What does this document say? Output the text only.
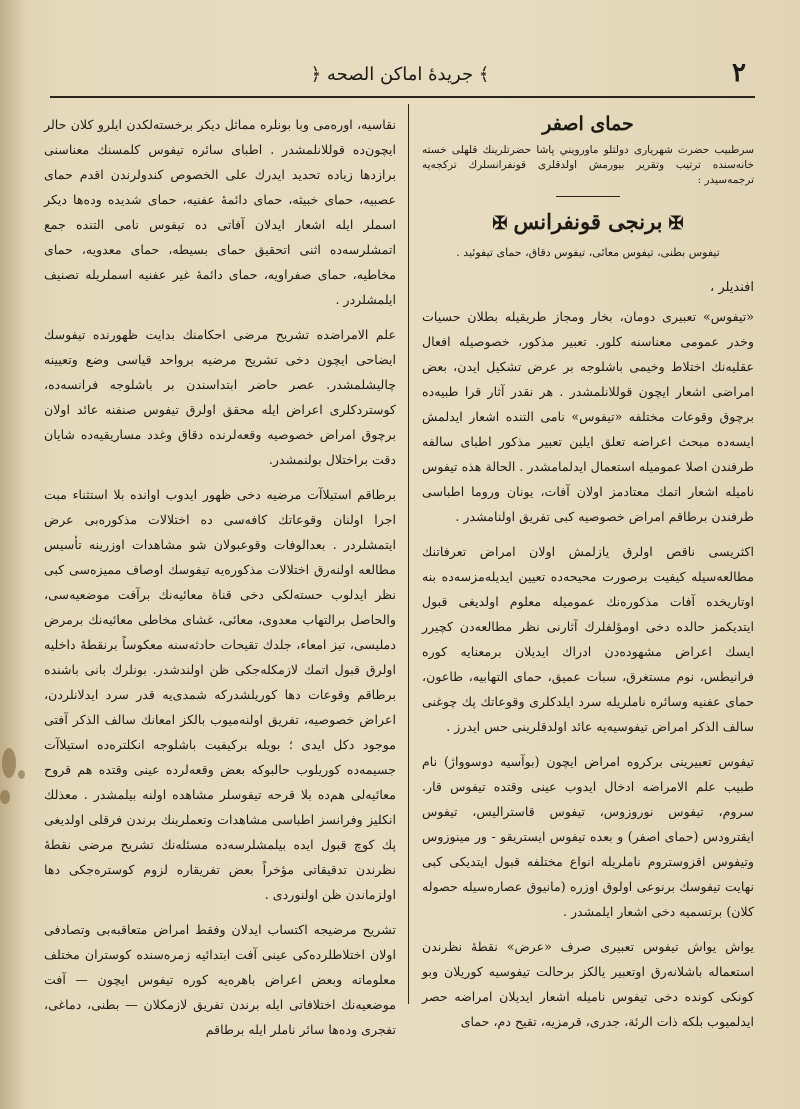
﴿ جريدهٔ اماكن الصحه ﴾	٢
حمای اصفر
سرطبيب حضرت شهرياری دولتلو ماورويني پاشا حضرتلرينك قلهلی خسته خانه‌سنده ترتيب وتقرير بيورمش اولدقلری قونفرانسلرك تركجه‌يه ترجمه‌سيدر :
✠برنجی قونفرانس✠
تيفوس بطنی، تيفوس معائی، تيفوس دقاق، حمای تيفوئيد .
افنديلر ،

«تيفوس» تعبيری دومان، بخار ومجاز طريقيله بطلان حسيات وخدر عمومی معناسنه كلور. تعبير مذكور، خصوصيله افعال عقليه‌نك اختلاط وخيمی باشلوجه بر عرض تشكيل ايدن، بعض امراضی اشعار ايچون قوللانلمشدر . هر نقدر آثار قرا طبيه‌ده برچوق وقوعات مختلفه «تيفوس» نامی التنده اشعار ايدلمش ايسه‌ده مبحث اعراضه تعلق ايلين تعبير مذكور اطبای سالفه طرفندن اصلا عموميله استعمال ايدلمامشدر . الحالة هذه تيفوس ناميله اشعار اتمك معتادمز اولان آفات، يونان وروما اطباسی طرفندن برطاقم امراض خصوصيه كبی تفريق اولنامشدر .

اكثريسی ناقص اولرق يازلمش اولان امراض تعرفاتنك مطالعه‌سيله كيفيت برصورت محيحه‌ده تعيين ايديله‌مزسه‌ده بنه اوتاريخده آفات مذكوره‌نك عموميله معلوم اولديغی قبول ايتديكمز حالده دخی اومؤلفلرك آثارنی نظر مطالعه‌دن كچيرر ايسك اعراض مشهوده‌دن ادراك ايديلان برمعنايه كوره فرانيطس، نوم مستغرق، سبات عميق، حمای التهابيه، طاعون، حمای عفنيه وسائره ناملريله سرد ايلدكلری وقوعاتك پك چوغنی سالف الذكر امراض تيفوسيه‌يه عائد اولدقلرينی حس ايدرز .

تيفوس تعبيرينی بركروه امراض ايچون (بوآسيه دوسوواژ) نام طبيب علم الامراضه ادخال ايدوب عينی وقتده تيفوس قار. سروم، تيفوس نوروزوس، تيفوس قاستراليس، تيفوس ايقترودس (حمای اصفر) و بعده تيفوس ايستريقو - ور مينوزوس وتيفوس اقزوستروم ناملريله انواع مختلفه قبول ايتديكی كبی نهايت تيفوسك برنوعی اولوق اوزره (مانيوق عصاره‌سيله حصوله كلان) برتسميه دخی اشعار ايلمشدر .

يواش يواش تيفوس تعبيری صرف «عرض» نقطهٔ نظرندن استعماله باشلانه‌رق اوتعبير يالكز برحالت تيفوسيه كوريلان وبو كونكی كونده دخی تيفوس ناميله اشعار ايديلان امراضه حصر ايدلميوب بلكه ذات الرئة، جدری، قرمزيه، تقيح دم، حمای

نقاسيه، اوره‌می وبا بونلره مماثل ديكر برخسته‌لكدن ايلرو كلان حالر ايچون‌ده قوللانلمشدر . اطبای سائره تيفوس كلمسنك معناسنی برازدها زياده تحديد ايدرك علی الخصوص كندولرندن اقدم حمای عصبيه، حمای خبيثه، حمای دائمهٔ عفنيه، حمای شديده وده‌ها ديكر اسملر ايله اشعار ايدلان آفاتی ده تيفوس نامی التنده جمع اتمشلرسه‌ده اثنی اتحقيق حمای بسيطه، حمای معدويه، حمای مخاطيه، حمای صفراويه، حمای دائمهٔ غير عفنيه اسملريله تصنيف ايلمشلردر .

علم الامراضده تشريح مرضی احكامنك بدايت ظهورنده تيفوسك ايضاحی ايچون دخی تشريح مرضيه برواحد قياسی وضع وتعيينه چاليشلمشدر. عصر حاضر ابتداسندن بر باشلوجه فرانسه‌ده، كوستردكلری اعراض ايله محقق اولرق تيفوس صنفنه عائد اولان برچوق امراض خصوصيه وقعه‌لرنده دقاق وغدد مساريقيه‌ده شايان دقت براختلال بولنمشدر.

برطاقم استيلاآت مرضيه دخی ظهور ايدوب اوانده بلا استثناء مبت اجرا اولنان وقوعاتك كافه‌سی ده اختلالات مذكوره‌بی عرض ايتمشلردر . بعدالوفات وقوعبولان شو مشاهدات اوزرينه تأسيس مطالعه اولنه‌رق اختلالات مذكوره‌يه تيفوسك اوصاف مميزه‌سی كبی نظر ايدلوب حسته‌لكی دخی قناة معائيه‌نك برآفت موضعيه‌سی، والحاصل برالتهاب معدوی، معائی، غشای مخاطی معائيه‌نك برمرض دمليسی، تيز امعاء، جلدك تقيحات حادثه‌سنه معكوساً برنقطهٔ داخليه اولرق قبول اتمك لازمكله‌جكی ظن اولندشدر. بونلرك بانی باشنده برطاقم وقوعات دها كوريلشدركه شمدی‌يه قدر سرد ايدلانلردن، اعراض خصوصيه، تفريق اولنه‌ميوب بالكز امعانك سالف الذكر آفتی موجود دكل ايدی ؛ بويله بركيفيت باشلوجه انكلتره‌ده استيلاآت جسيمه‌ده كوريلوب حالبوكه بعض وقعه‌لرده عينی وقتده هم قروح معائيه‌لی هم‌ده بلا قرحه تيفوسلر مشاهده اولنه بيلمشدر . معذلك انكليز وفرانسز اطباسی مشاهدات وتعملرينك برندن فرقلی اولديغی پك كوچ قبول ايده بيلمشلرسه‌ده مسئله‌نك تشريح مرضی نقطهٔ نظرندن تدقيقاتی مؤخراً بعض تفريقاره لزوم كوستره‌جكی دها اولزماندن ظن اولنوردی .

تشريح مرضيجه اكتساب ايدلان وفقط امراض متعاقبه‌بی وتصادفی اولان اختلاطلرده‌كی عينی آفت ابتدائيه زمره‌سنده كوستران مختلف معلوماته وبعض اعراض باهره‌يه كوره تيفوس ايچون — آفت موضعيه‌نك اختلافاتی ايله برندن تفريق لازمكلان — بطنی، دماغی، تفجری وده‌ها سائر ناملر ايله برطاقم
